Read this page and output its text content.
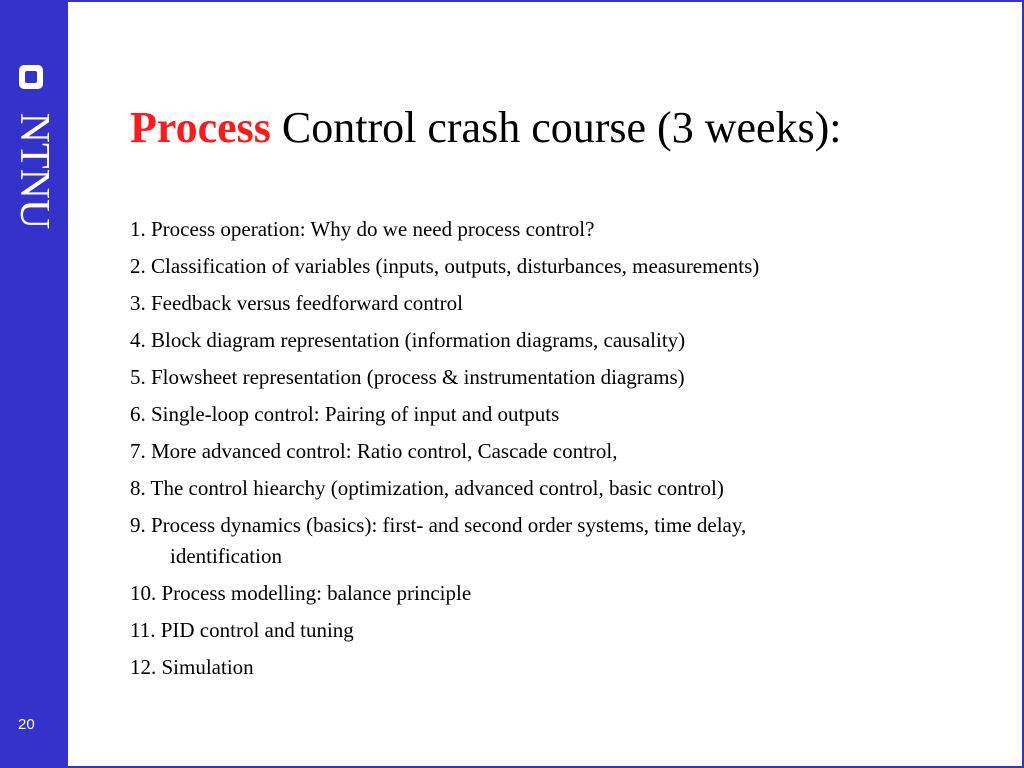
NTNU
20
Process Control crash course (3 weeks):
1. Process operation: Why do we need process control?
2. Classification of variables (inputs, outputs, disturbances, measurements)
3. Feedback versus feedforward control
4. Block diagram representation (information diagrams, causality)
5. Flowsheet representation (process & instrumentation diagrams)
6. Single-loop control: Pairing of input and outputs
7. More advanced control: Ratio control, Cascade control,
8. The control hiearchy (optimization, advanced control, basic control)
9. Process dynamics (basics): first- and second order systems, time delay,
identification
10. Process modelling: balance principle
11. PID control and tuning
12. Simulation
